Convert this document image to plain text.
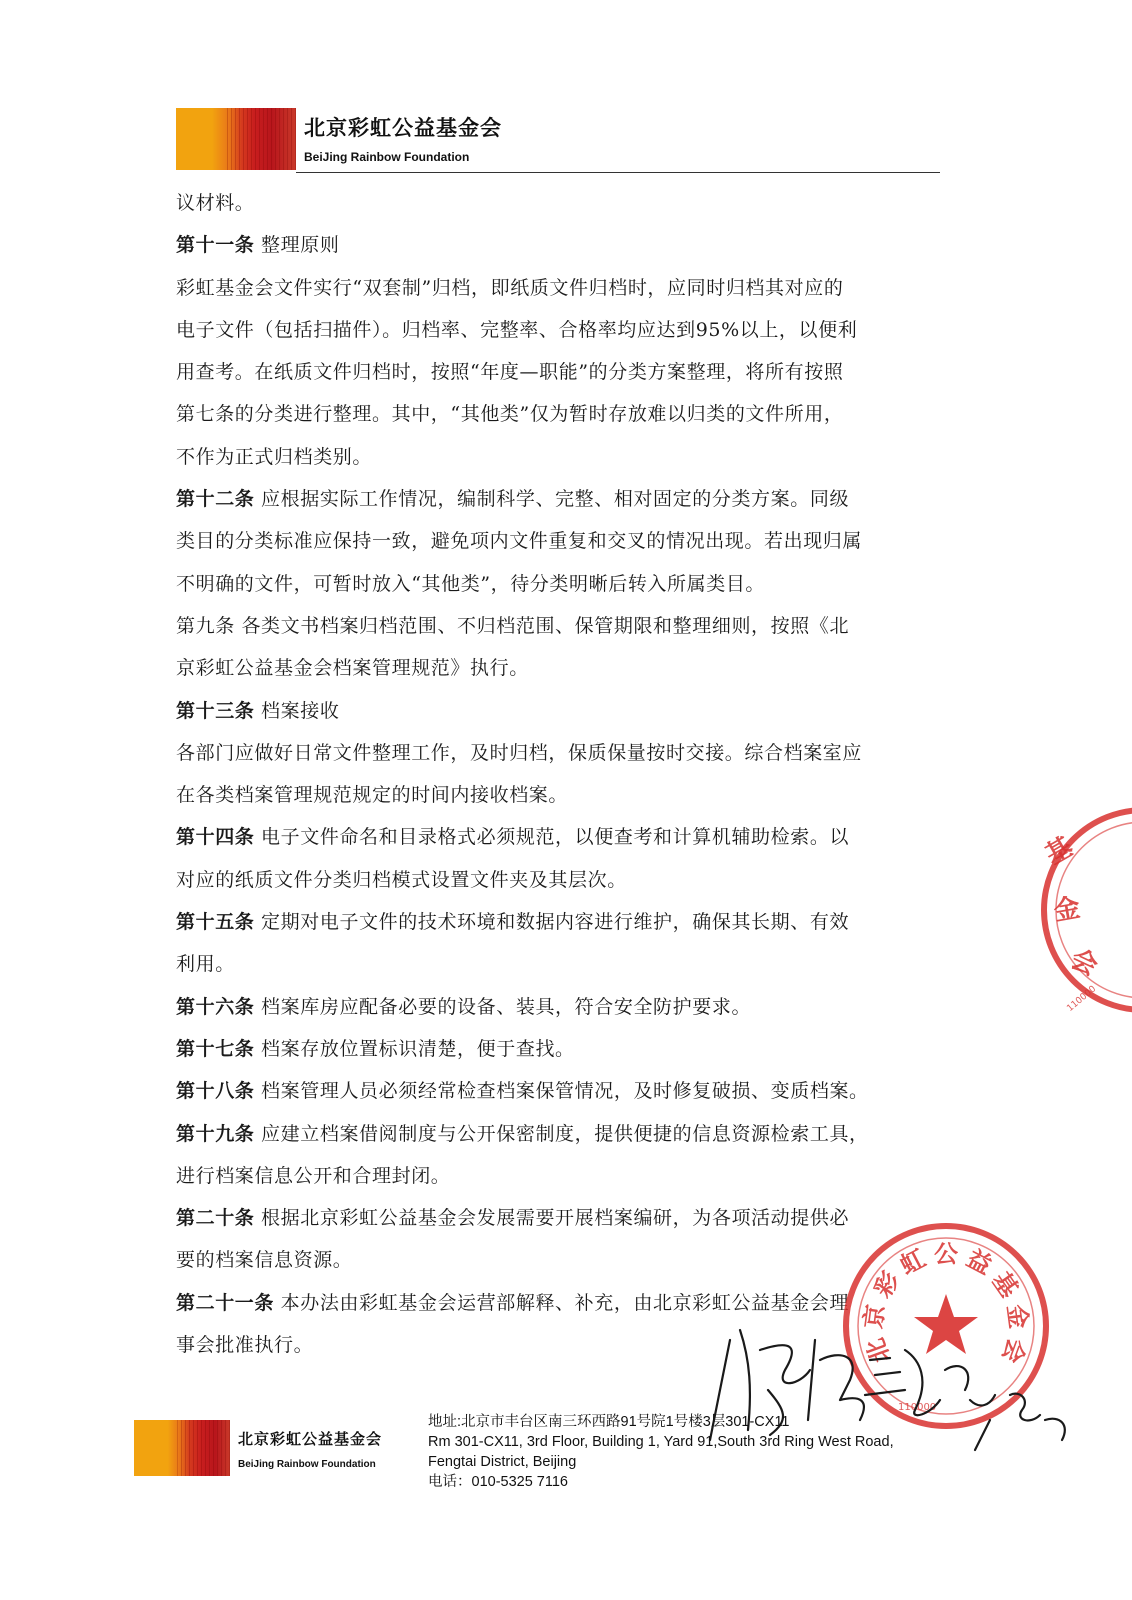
北京彩虹公益基金会
BeiJing Rainbow Foundation
议材料。
第十一条 整理原则
彩虹基金会文件实行“双套制”归档，即纸质文件归档时，应同时归档其对应的
电子文件（包括扫描件）。归档率、完整率、合格率均应达到95%以上，以便利
用查考。在纸质文件归档时，按照“年度—职能”的分类方案整理，将所有按照
第七条的分类进行整理。其中，“其他类”仅为暂时存放难以归类的文件所用，
不作为正式归档类别。
第十二条 应根据实际工作情况，编制科学、完整、相对固定的分类方案。同级
类目的分类标准应保持一致，避免项内文件重复和交叉的情况出现。若出现归属
不明确的文件，可暂时放入“其他类”，待分类明晰后转入所属类目。
第九条 各类文书档案归档范围、不归档范围、保管期限和整理细则，按照《北
京彩虹公益基金会档案管理规范》执行。
第十三条 档案接收
各部门应做好日常文件整理工作，及时归档，保质保量按时交接。综合档案室应
在各类档案管理规范规定的时间内接收档案。
第十四条 电子文件命名和目录格式必须规范，以便查考和计算机辅助检索。以
对应的纸质文件分类归档模式设置文件夹及其层次。
第十五条 定期对电子文件的技术环境和数据内容进行维护，确保其长期、有效
利用。
第十六条 档案库房应配备必要的设备、装具，符合安全防护要求。
第十七条 档案存放位置标识清楚，便于查找。
第十八条 档案管理人员必须经常检查档案保管情况，及时修复破损、变质档案。
第十九条 应建立档案借阅制度与公开保密制度，提供便捷的信息资源检索工具，
进行档案信息公开和合理封闭。
第二十条 根据北京彩虹公益基金会发展需要开展档案编研，为各项活动提供必
要的档案信息资源。
第二十一条 本办法由彩虹基金会运营部解释、补充，由北京彩虹公益基金会理
事会批准执行。
基
金
会
110000
北
京
彩
虹 公 益
基
金
会
110000
北京彩虹公益基金会
BeiJing Rainbow Foundation
地址:北京市丰台区南三环西路91号院1号楼3层301-CX11
Rm 301-CX11, 3rd Floor, Building 1, Yard 91,South 3rd Ring West Road,
Fengtai District, Beijing
电话：010-5325 7116
